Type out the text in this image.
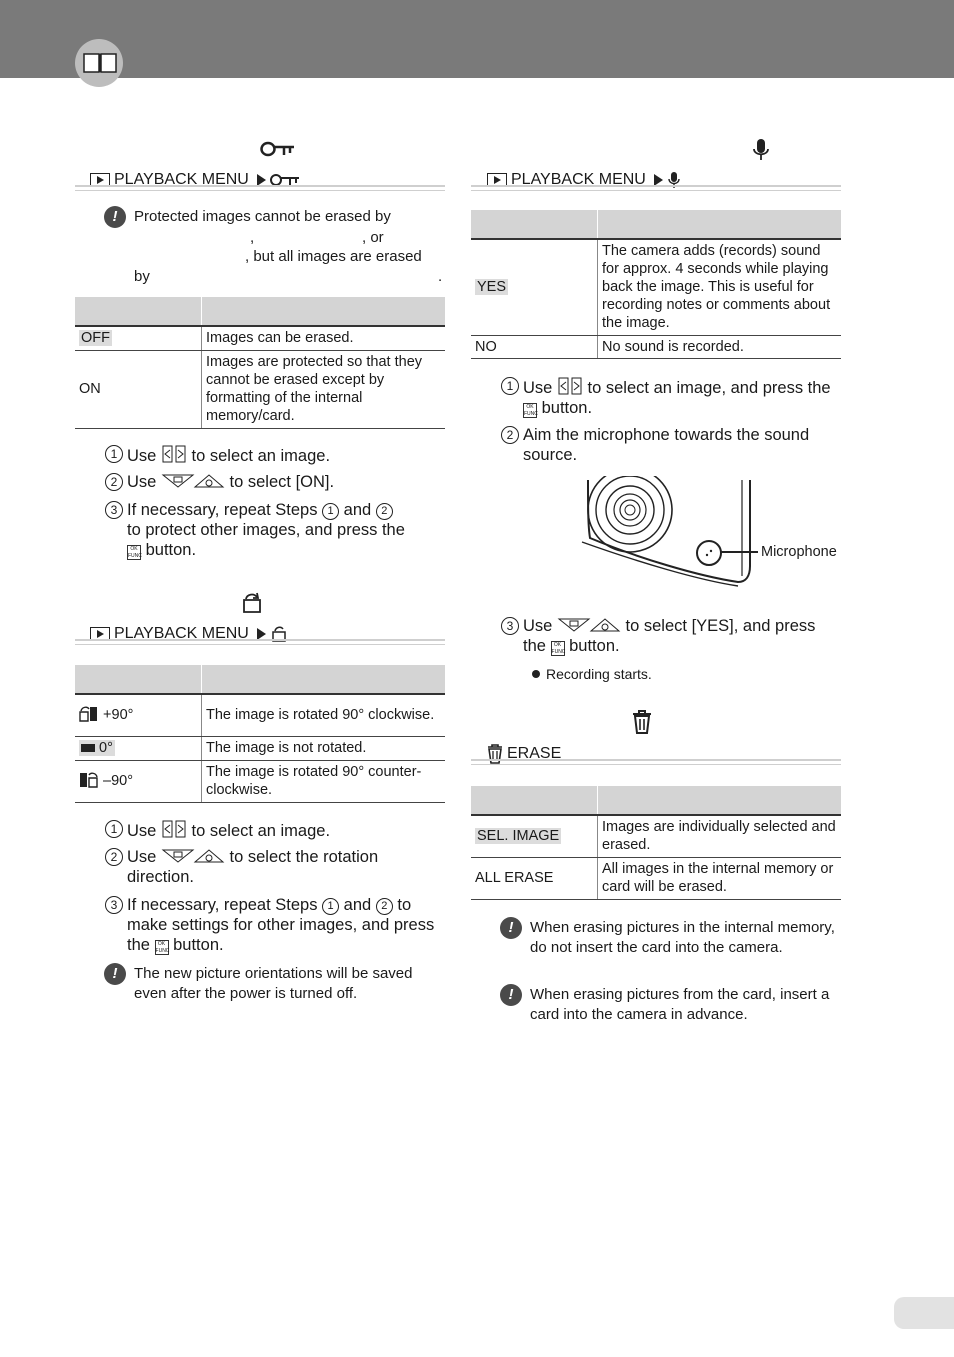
PLAYBACK MENU
!	Protected images cannot be erased by
,	, or
, but all images are erased
by	.

OFF	Images can be erased.
ON	Images are protected so that they cannot be erased except by formatting of the internal memory/card.
1 Use to select an image.
2 Use	to select [ON].
3 If necessary, repeat Steps 1 and 2
to protect other images, and press the
OK
FUNC button.
PLAYBACK MENU

+90°	The image is rotated 90° clockwise.
0°	The image is not rotated.
–90°	The image is rotated 90° counter-clockwise.
1 Use to select an image.
2 Use	to select the rotation
direction.
3 If necessary, repeat Steps 1 and 2 to
make settings for other images, and press
the OK
FUNC button.
!	The new picture orientations will be saved even after the power is turned off.
PLAYBACK MENU

YES	The camera adds (records) sound for approx. 4 seconds while playing back the image. This is useful for recording notes or comments about the image.
NO	No sound is recorded.
1 Use to select an image, and press the
OK
FUNC button.
2 Aim the microphone towards the sound source.
Microphone
3 Use	to select [YES], and press
the OK
FUNC button.
Recording starts.
ERASE

SEL. IMAGE	Images are individually selected and erased.
ALL ERASE	All images in the internal memory or card will be erased.
!	When erasing pictures in the internal memory, do not insert the card into the camera.
!	When erasing pictures from the card, insert a card into the camera in advance.
